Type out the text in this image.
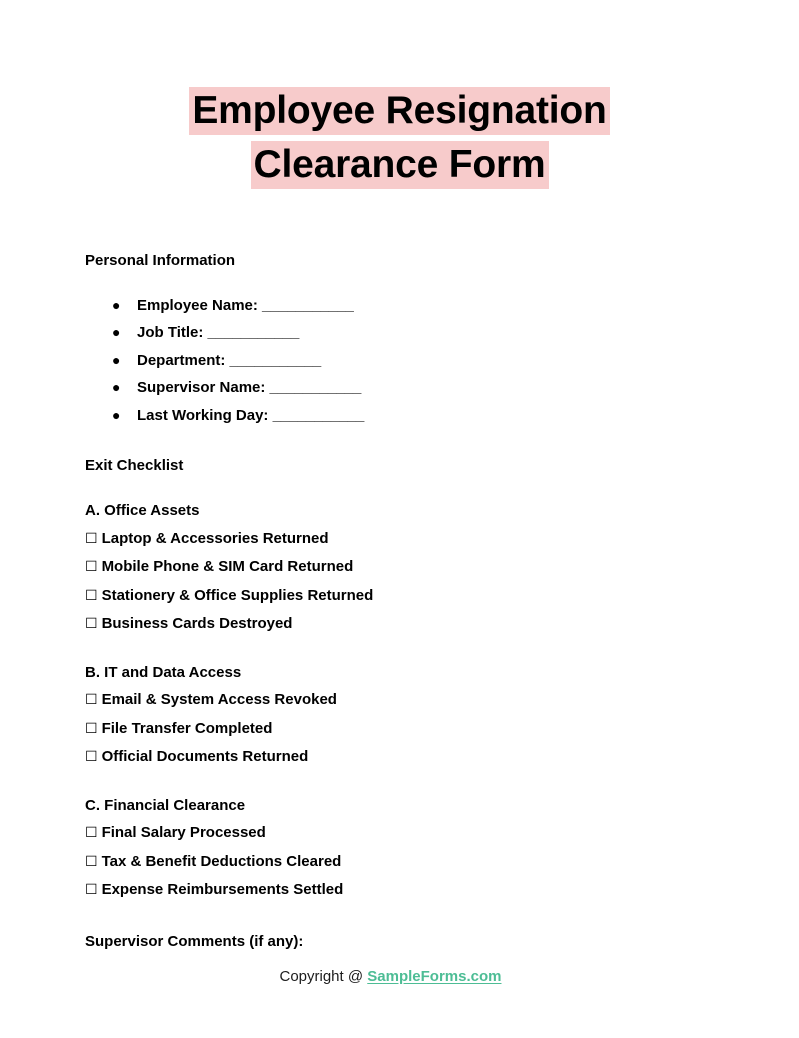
Employee Resignation
Clearance Form
Personal Information
● Employee Name: ___________
● Job Title: ___________
● Department: ___________
● Supervisor Name: ___________
● Last Working Day: ___________
Exit Checklist
A. Office Assets
☐ Laptop & Accessories Returned
☐ Mobile Phone & SIM Card Returned
☐ Stationery & Office Supplies Returned
☐ Business Cards Destroyed
B. IT and Data Access
☐ Email & System Access Revoked
☐ File Transfer Completed
☐ Official Documents Returned
C. Financial Clearance
☐ Final Salary Processed
☐ Tax & Benefit Deductions Cleared
☐ Expense Reimbursements Settled
Supervisor Comments (if any):
Copyright @ SampleForms.com
